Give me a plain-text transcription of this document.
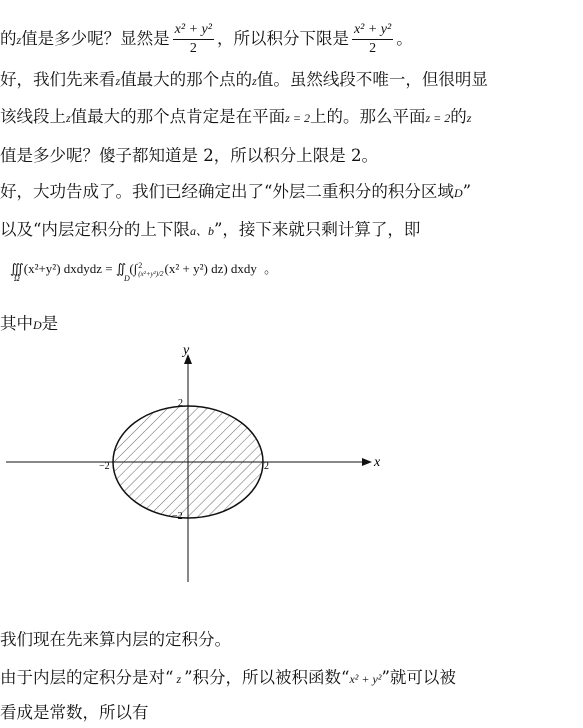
的z值是多少呢？显然是 $\frac{\text{x² + y²}}{2}$ ，所以积分下限是 $\frac{\text{x² + y²}}{2}$ 。
好，我们先来看z值最大的那个点的z值。虽然线段不唯一，但很明显
该线段上z值最大的那个点肯定是在平面z = 2上的。那么平面z = 2的z
值是多少呢？傻子都知道是 2，所以积分上限是 2。
好，大功告成了。我们已经确定出了“外层二重积分的积分区域D”
以及“内层定积分的上下限a、b”，接下来就只剩计算了，即
∭(x²+y²) dxdydz = ∬ (∫ 2
(x²+y²)/2 (x² + y²) dz) dxdy 。
Ω	D
其中D是
x
y
−2	2
2
−2
我们现在先来算内层的定积分。
由于内层的定积分是对“ z ”积分，所以被积函数“x² + y²”就可以被
看成是常数，所以有
